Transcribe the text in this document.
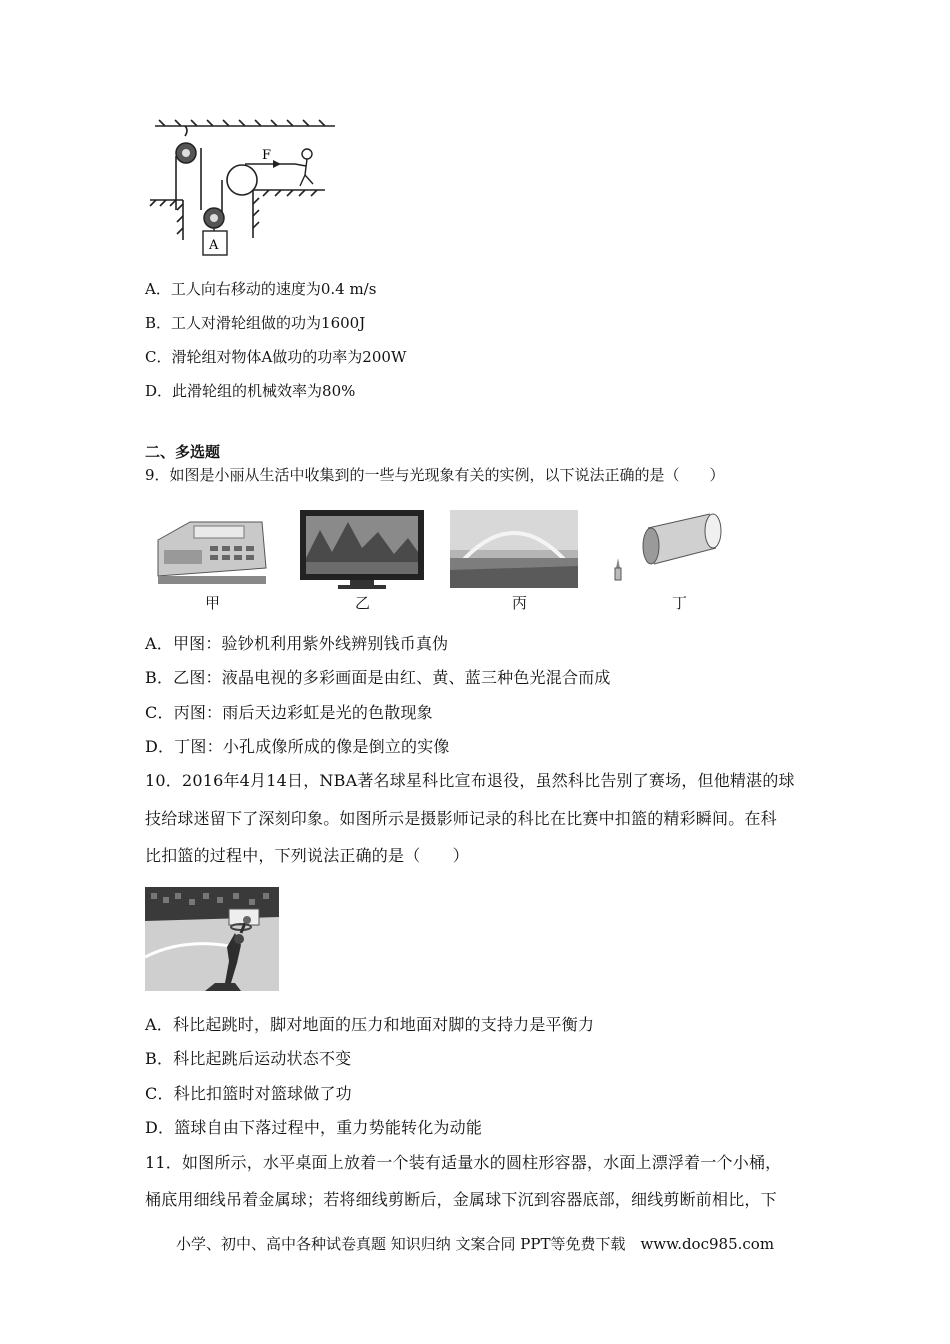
F
A
A．工人向右移动的速度为0.4 m/s
B．工人对滑轮组做的功为1600J
C．滑轮组对物体A做功的功率为200W
D．此滑轮组的机械效率为80%
二、多选题
9．如图是小丽从生活中收集到的一些与光现象有关的实例，以下说法正确的是（　　）
甲	乙	丙	丁
A．甲图：验钞机利用紫外线辨别钱币真伪
B．乙图：液晶电视的多彩画面是由红、黄、蓝三种色光混合而成
C．丙图：雨后天边彩虹是光的色散现象
D．丁图：小孔成像所成的像是倒立的实像
10．2016年4月14日，NBA著名球星科比宣布退役，虽然科比告别了赛场，但他精湛的球
技给球迷留下了深刻印象。如图所示是摄影师记录的科比在比赛中扣篮的精彩瞬间。在科
比扣篮的过程中，下列说法正确的是（　　）
A．科比起跳时，脚对地面的压力和地面对脚的支持力是平衡力
B．科比起跳后运动状态不变
C．科比扣篮时对篮球做了功
D．篮球自由下落过程中，重力势能转化为动能
11．如图所示，水平桌面上放着一个装有适量水的圆柱形容器，水面上漂浮着一个小桶，
桶底用细线吊着金属球；若将细线剪断后，金属球下沉到容器底部，细线剪断前相比，下
小学、初中、高中各种试卷真题 知识归纳 文案合同 PPT等免费下载　www.doc985.com
